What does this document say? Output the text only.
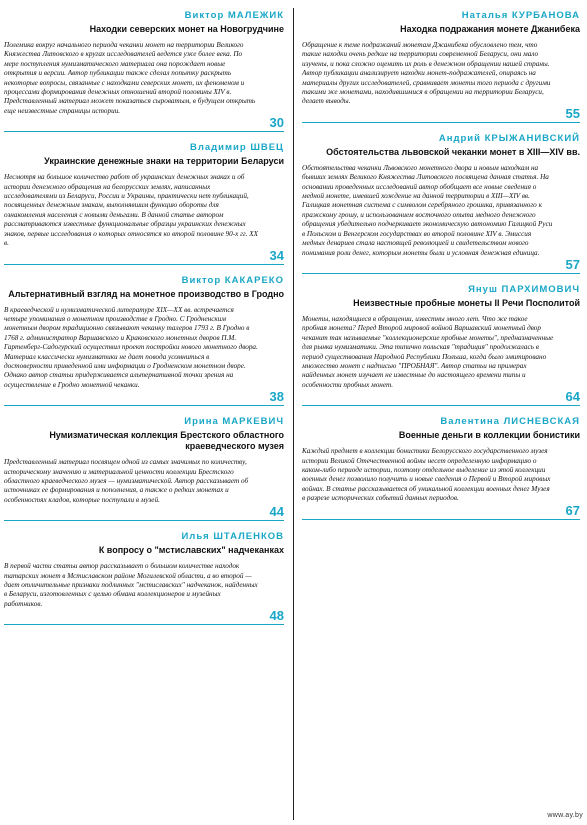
Виктор МАЛЕЖИК

Находки северских монет на Новогрудчине

Полемика вокруг начального периода чеканки монет на территории Великого Княжества Литовского в кругах исследователей ведется уже более века. По мере поступления нумизматического материала она порождает новые открытия и версии. Автор публикации также сделал попытку раскрыть некоторые вопросы, связанные с находками северских монет, их феноменом и процессами формирования денежных отношений второй половины XIV в. Представленный материал может показаться сыроватым, в будущем открыть еще неизвестные страницы истории.

30

Владимир ШВЕЦ

Украинские денежные знаки на территории Беларуси

Несмотря на большое количество работ об украинских денежных знаках и об истории денежного обращения на белорусских землях, написанных исследователями из Беларуси, России и Украины, практически нет публикаций, посвященных денежным знакам, выполнявшим функцию обороты для ознакомления населения с новыми деньгами. В данной статье автором рассматриваются известные функциональные образцы украинских денежных знаков, первые исследования о которых относятся ко второй половине 90-х гг. XX в.

34

Виктор КАКАРЕКО

Альтернативный взгляд на монетное производство в Гродно

В краеведческой и нумизматической литературе XIX—XX вв. встречается четыре упоминания о монетном производстве в Гродно. С Гродненским монетным двором традиционно связывают чеканку талеров 1793 г. В Гродно в 1768 г. администратор Варшавского и Краковского монетных дворов П.М. Гартенберг-Садогурский осуществил проект постройки нового монетного двора. Материал классически нумизматики не дает повода усомниться в достоверности приведенной ими информации о Гродненском монетном дворе. Однако автор статьи придерживается альтернативной точки зрения на осуществление в Гродно монетной чеканки.

38

Ирина МАРКЕВИЧ

Нумизматическая коллекция Брестского областного краеведческого музея

Представленный материал посвящен одной из самых значимых по количеству, историческому значению и материальной ценности коллекции Брестского областного краеведческого музея — нумизматической. Автор рассказывает об источниках ее формирования и пополнения, а также о редких монетах и особенностях кладов, которые поступали в музей.

44

Илья ШТАЛЕНКОВ

К вопросу о "мстиславских" надчеканках

В первой части статьи автор рассказывает о большом количестве находок татарских монет в Мстиславском районе Могилевской области, а во второй — дает отличительные признаки подлинных "мстиславских" надчеканок, найденных в Беларуси, изготовленных с целью обмана коллекционеров и музейных работников.

48

Наталья КУРБАНОВА

Находка подражания монете Джанибека

Обращение к теме подражаний монетам Джанибека обусловлено тем, что такие находки очень редкие на территории современной Беларуси, они мало изучены, и пока сложно оценить их роль в денежном обращении нашей страны. Автор публикации анализирует находки монет-подражателей, опираясь на материалы других исследователей, сравнивает монеты того периода с другими такими же монетами, находившимися в обращении на территории Беларуси, делает выводы.

55

Андрий КРЫЖАНИВСКИЙ

Обстоятельства львовской чеканки монет в XIII—XIV вв.

Обстоятельства чеканки Львовского монетного двора и новым находкам на бывших землях Великого Княжества Литовского посвящена данная статья. На основании проведенных исследований автор обобщает все новые сведения о медной монете, имевшей хождение на данной территории в XIII—XIV вв. Галицкая монетная система с символом серебряного грошика, привязанного к пражскому грошу, и использованием восточного опыта медного денежного обращения убедительно подчеркивает экономическую автономию Галицкой Руси в Польском и Венгерском государствах во второй половине XIV в. Эмиссия медных денариев стала настоящей революцией и свидетельством нового понимания роли денег, которым монеты были и условная денежная единица.

57

Януш ПАРХИМОВИЧ

Неизвестные пробные монеты II Речи Посполитой

Монеты, находящиеся в обращении, известны много лет. Что же такое пробная монета? Перед Второй мировой войной Варшавский монетный двор чеканит так называемые "коллекционерские пробные монеты", предназначенные для рынка нумизматики. Эта типично польская "традиция" продолжалась в период существования Народной Республики Польша, когда было эмитировано множество монет с надписью "ПРОБНАЯ". Автор статьи на примерах найденных монет изучает не известные до настоящего времени типы и особенности пробных монет.

64

Валентина ЛИСНЕВСКАЯ

Военные деньги в коллекции бонистики

Каждый предмет в коллекции бонистики Белорусского государственного музея истории Великой Отечественной войны несет определенную информацию о каком-либо периоде истории, поэтому отдельное выделение из этой коллекции военных денег позволило получить и новые сведения о Первой и Второй мировых войнах. В статье рассказывается об уникальной коллекции военных денег Музея в разрезе исторических событий данных периодов.

67
www.ay.by
